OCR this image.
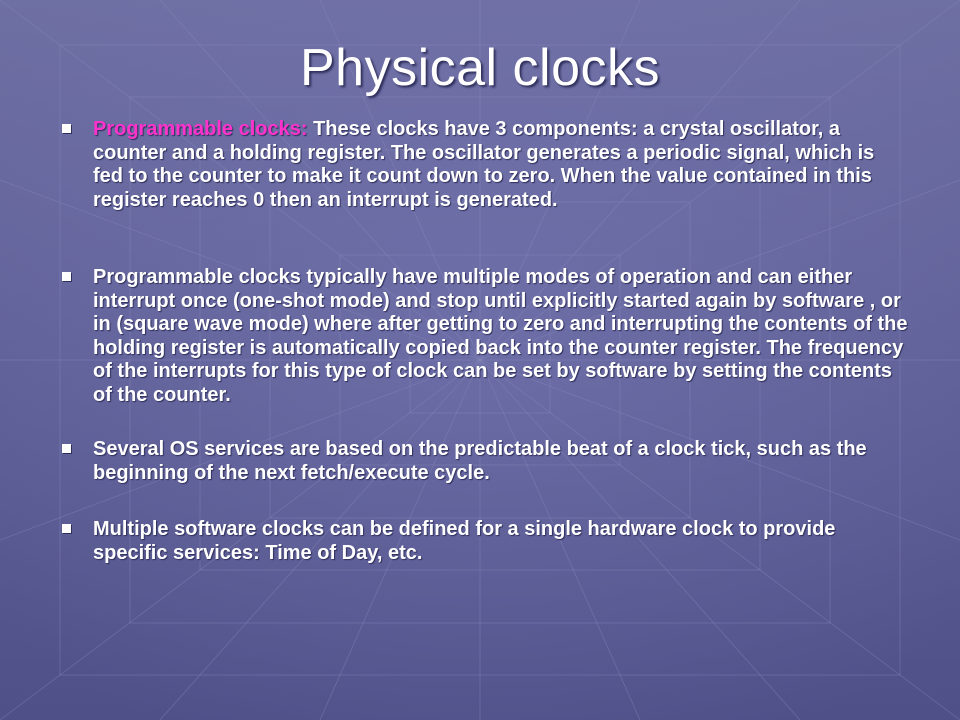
Physical clocks
Programmable clocks: These clocks have 3 components: a crystal oscillator, a counter and a holding register. The oscillator generates a periodic signal, which is fed to the counter to make it count down to zero. When the value contained in this register reaches 0 then an interrupt is generated.
Programmable clocks typically have multiple modes of operation and can either interrupt once (one-shot mode) and stop until explicitly started again by software , or in (square wave mode) where after getting to zero and interrupting the contents of the holding register is automatically copied back into the counter register. The frequency of the interrupts for this type of clock can be set by software by setting the contents of the counter.
Several OS services are based on the predictable beat of a clock tick, such as the beginning of the next fetch/execute cycle.
Multiple software clocks can be defined for a single hardware clock to provide specific services: Time of Day, etc.
